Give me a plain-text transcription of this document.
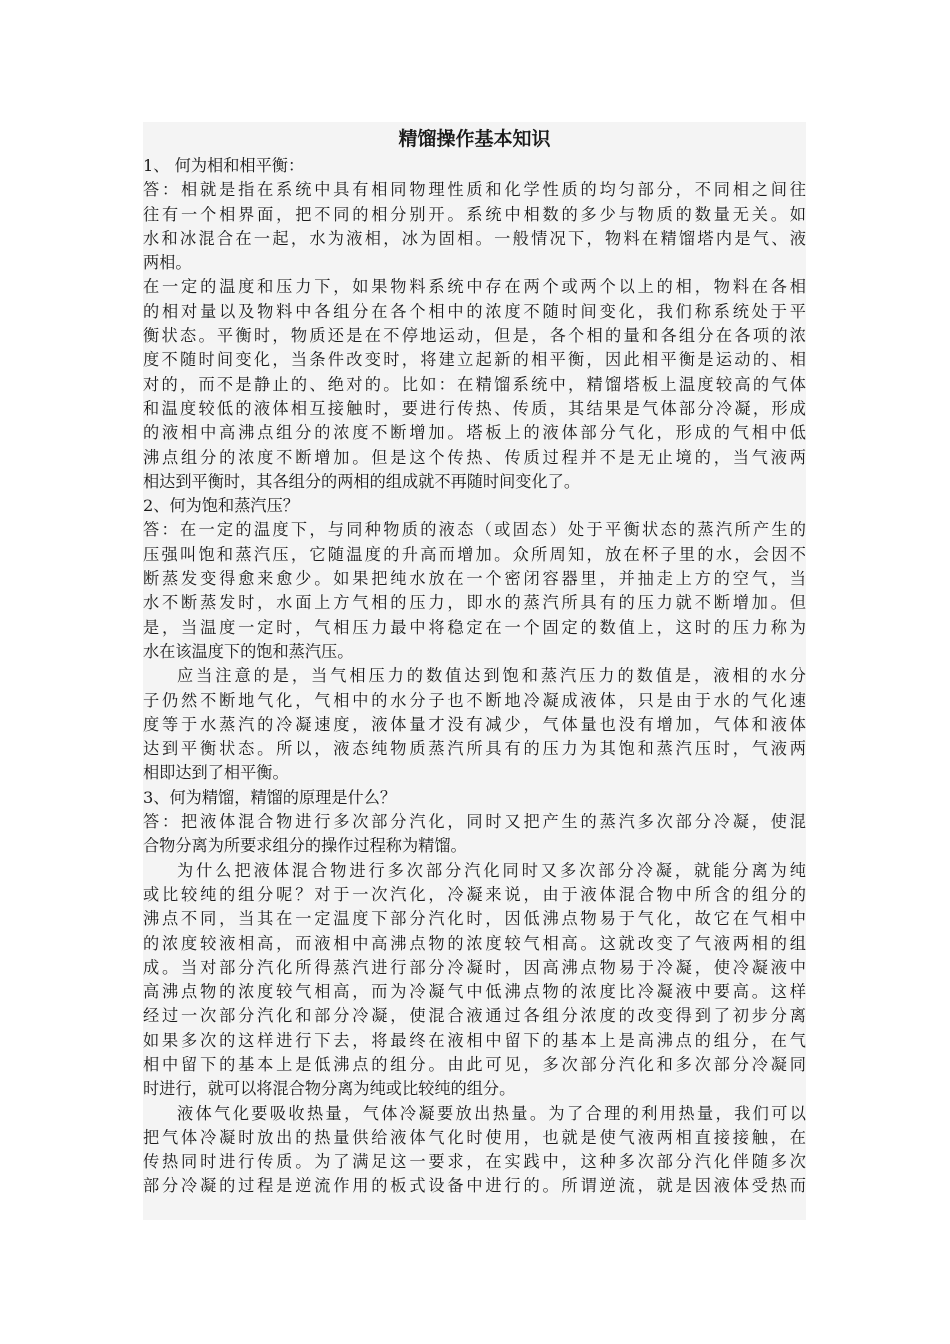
精馏操作基本知识

1、 何为相和相平衡：

答：相就是指在系统中具有相同物理性质和化学性质的均匀部分，不同相之间往

往有一个相界面，把不同的相分别开。系统中相数的多少与物质的数量无关。如

水和冰混合在一起，水为液相，冰为固相。一般情况下，物料在精馏塔内是气、液

两相。

在一定的温度和压力下，如果物料系统中存在两个或两个以上的相，物料在各相

的相对量以及物料中各组分在各个相中的浓度不随时间变化，我们称系统处于平

衡状态。平衡时，物质还是在不停地运动，但是，各个相的量和各组分在各项的浓

度不随时间变化，当条件改变时，将建立起新的相平衡，因此相平衡是运动的、相

对的，而不是静止的、绝对的。比如：在精馏系统中，精馏塔板上温度较高的气体

和温度较低的液体相互接触时，要进行传热、传质，其结果是气体部分冷凝，形成

的液相中高沸点组分的浓度不断增加。塔板上的液体部分气化，形成的气相中低

沸点组分的浓度不断增加。但是这个传热、传质过程并不是无止境的，当气液两

相达到平衡时，其各组分的两相的组成就不再随时间变化了。

2、何为饱和蒸汽压？

答：在一定的温度下，与同种物质的液态（或固态）处于平衡状态的蒸汽所产生的

压强叫饱和蒸汽压，它随温度的升高而增加。众所周知，放在杯子里的水，会因不

断蒸发变得愈来愈少。如果把纯水放在一个密闭容器里，并抽走上方的空气，当

水不断蒸发时，水面上方气相的压力，即水的蒸汽所具有的压力就不断增加。但

是，当温度一定时，气相压力最中将稳定在一个固定的数值上，这时的压力称为

水在该温度下的饱和蒸汽压。

应当注意的是，当气相压力的数值达到饱和蒸汽压力的数值是，液相的水分

子仍然不断地气化，气相中的水分子也不断地冷凝成液体，只是由于水的气化速

度等于水蒸汽的冷凝速度，液体量才没有减少，气体量也没有增加，气体和液体

达到平衡状态。所以，液态纯物质蒸汽所具有的压力为其饱和蒸汽压时，气液两

相即达到了相平衡。

3、何为精馏，精馏的原理是什么？

答：把液体混合物进行多次部分汽化，同时又把产生的蒸汽多次部分冷凝，使混

合物分离为所要求组分的操作过程称为精馏。

为什么把液体混合物进行多次部分汽化同时又多次部分冷凝，就能分离为纯

或比较纯的组分呢？对于一次汽化，冷凝来说，由于液体混合物中所含的组分的

沸点不同，当其在一定温度下部分汽化时，因低沸点物易于气化，故它在气相中

的浓度较液相高，而液相中高沸点物的浓度较气相高。这就改变了气液两相的组

成。当对部分汽化所得蒸汽进行部分冷凝时，因高沸点物易于冷凝，使冷凝液中

高沸点物的浓度较气相高，而为冷凝气中低沸点物的浓度比冷凝液中要高。这样

经过一次部分汽化和部分冷凝，使混合液通过各组分浓度的改变得到了初步分离

如果多次的这样进行下去，将最终在液相中留下的基本上是高沸点的组分，在气

相中留下的基本上是低沸点的组分。由此可见，多次部分汽化和多次部分冷凝同

时进行，就可以将混合物分离为纯或比较纯的组分。

液体气化要吸收热量，气体冷凝要放出热量。为了合理的利用热量，我们可以

把气体冷凝时放出的热量供给液体气化时使用，也就是使气液两相直接接触，在

传热同时进行传质。为了满足这一要求，在实践中，这种多次部分汽化伴随多次

部分冷凝的过程是逆流作用的板式设备中进行的。所谓逆流，就是因液体受热而
